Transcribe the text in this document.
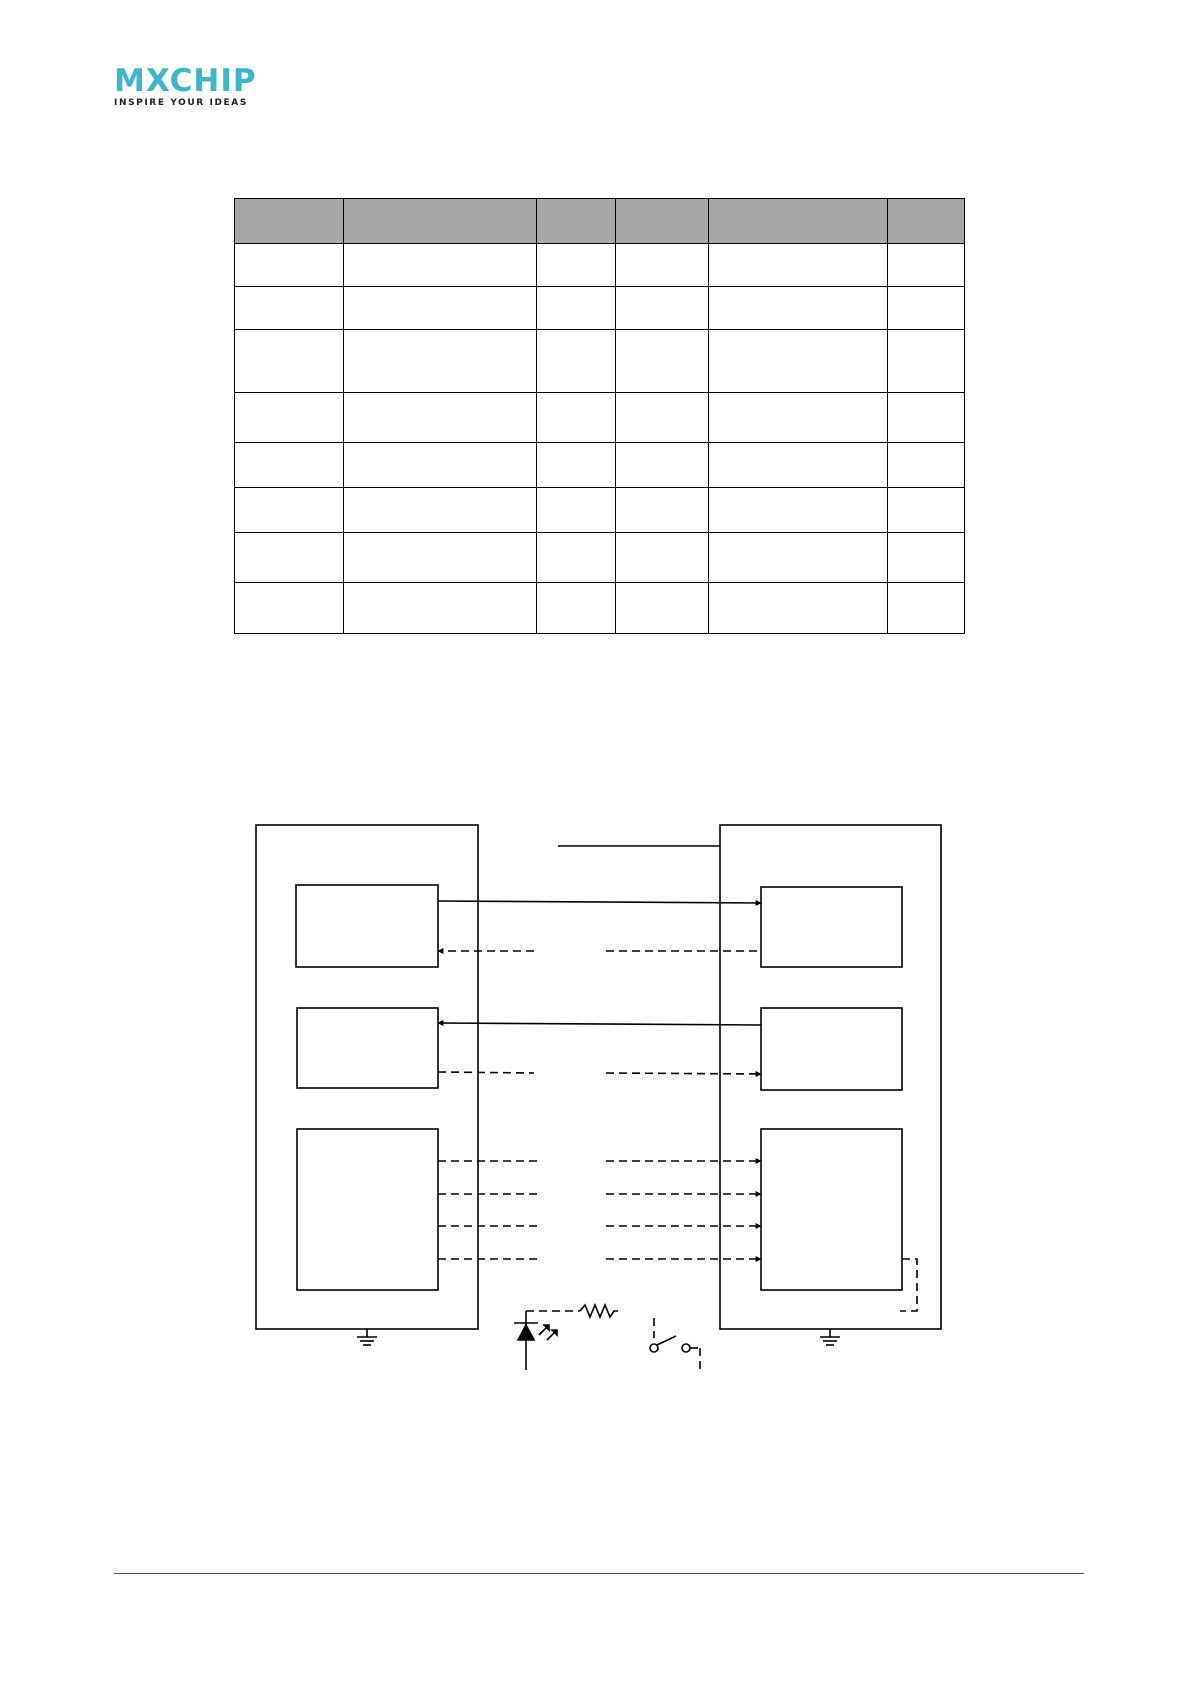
MXCHIP
INSPIRE YOUR IDEAS
